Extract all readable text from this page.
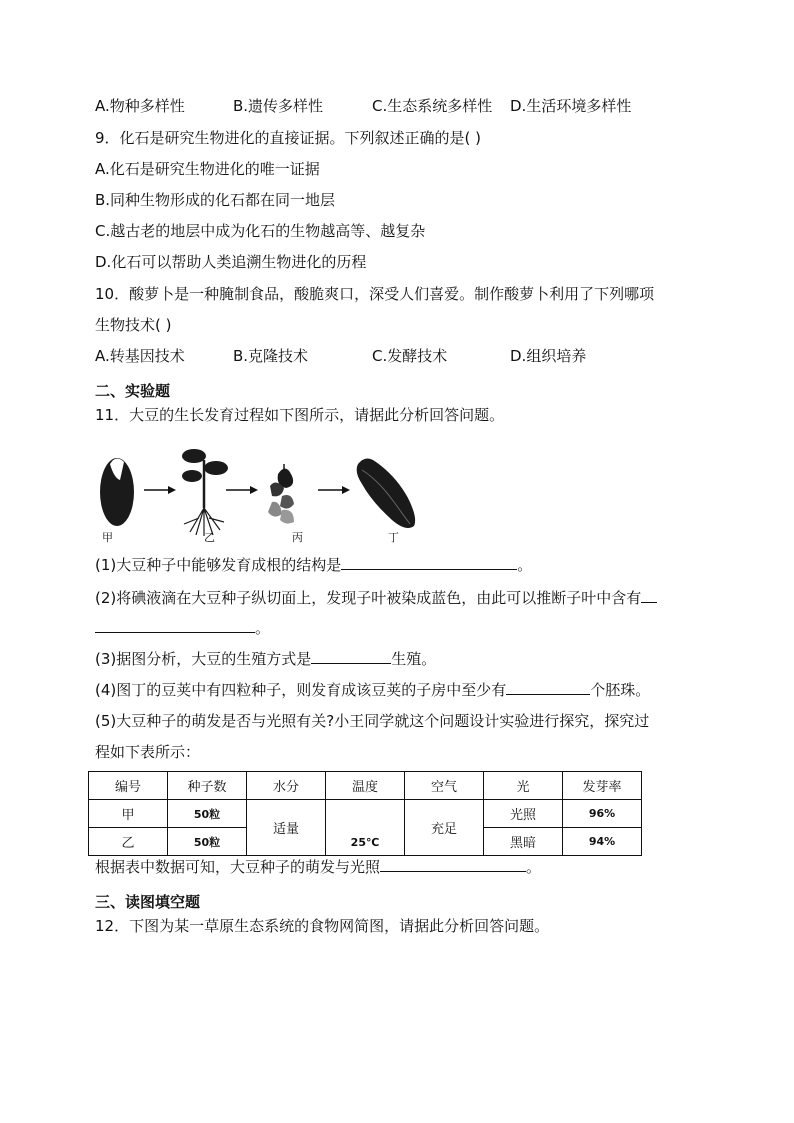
A.物种多样性	B.遗传多样性	C.生态系统多样性 D.生活环境多样性
9．化石是研究生物进化的直接证据。下列叙述正确的是( )
A.化石是研究生物进化的唯一证据
B.同种生物形成的化石都在同一地层
C.越古老的地层中成为化石的生物越高等、越复杂
D.化石可以帮助人类追溯生物进化的历程
10．酸萝卜是一种腌制食品，酸脆爽口，深受人们喜爱。制作酸萝卜利用了下列哪项
生物技术( )
A.转基因技术	B.克隆技术	C.发酵技术	D.组织培养
二、实验题
11．大豆的生长发育过程如下图所示，请据此分析回答问题。
甲	乙	丙	丁
(1)大豆种子中能够发育成根的结构是	。
(2)将碘液滴在大豆种子纵切面上，发现子叶被染成蓝色，由此可以推断子叶中含有
。
(3)据图分析，大豆的生殖方式是	生殖。
(4)图丁的豆荚中有四粒种子，则发育成该豆荚的子房中至少有	个胚珠。
(5)大豆种子的萌发是否与光照有关?小王同学就这个问题设计实验进行探究，探究过
程如下表所示：
编号	种子数	水分	温度	空气	光	发芽率
甲	50粒	适量	25℃	充足	光照	96%
乙	50粒				黑暗	94%
根据表中数据可知，大豆种子的萌发与光照	。
三、读图填空题
12．下图为某一草原生态系统的食物网简图，请据此分析回答问题。
